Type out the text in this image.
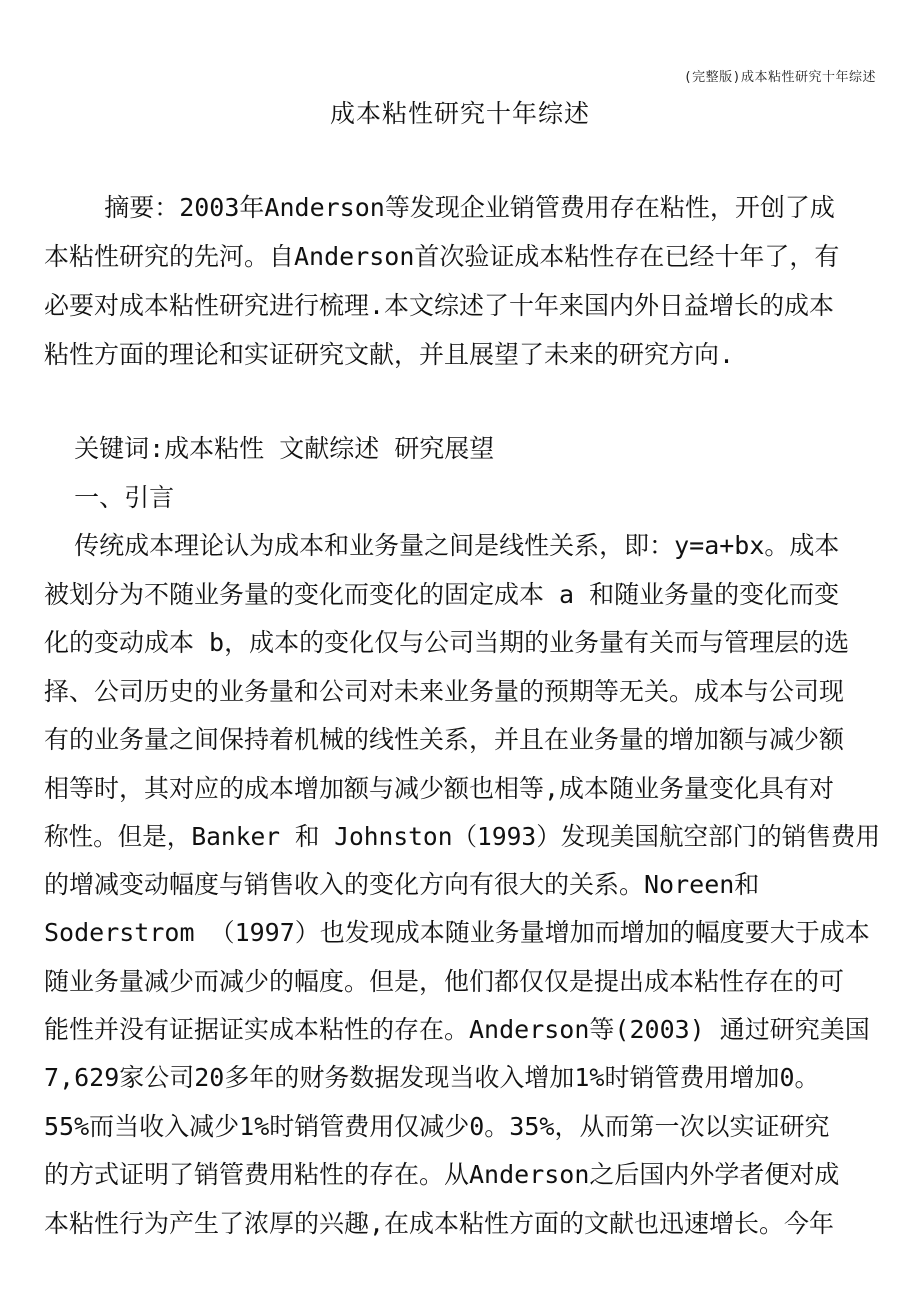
(完整版)成本粘性研究十年综述
成本粘性研究十年综述
摘要：2003年Anderson等发现企业销管费用存在粘性，开创了成
本粘性研究的先河。自Anderson首次验证成本粘性存在已经十年了，有
必要对成本粘性研究进行梳理.本文综述了十年来国内外日益增长的成本
粘性方面的理论和实证研究文献，并且展望了未来的研究方向.
关键词:成本粘性 文献综述 研究展望
一、引言
传统成本理论认为成本和业务量之间是线性关系，即：y=a+bx。成本
被划分为不随业务量的变化而变化的固定成本 a 和随业务量的变化而变
化的变动成本 b，成本的变化仅与公司当期的业务量有关而与管理层的选
择、公司历史的业务量和公司对未来业务量的预期等无关。成本与公司现
有的业务量之间保持着机械的线性关系，并且在业务量的增加额与减少额
相等时，其对应的成本增加额与减少额也相等,成本随业务量变化具有对
称性。但是，Banker 和 Johnston（1993）发现美国航空部门的销售费用
的增减变动幅度与销售收入的变化方向有很大的关系。Noreen和
Soderstrom （1997）也发现成本随业务量增加而增加的幅度要大于成本
随业务量减少而减少的幅度。但是，他们都仅仅是提出成本粘性存在的可
能性并没有证据证实成本粘性的存在。Anderson等(2003) 通过研究美国
7,629家公司20多年的财务数据发现当收入增加1%时销管费用增加0。
55%而当收入减少1%时销管费用仅减少0。35%，从而第一次以实证研究
的方式证明了销管费用粘性的存在。从Anderson之后国内外学者便对成
本粘性行为产生了浓厚的兴趣,在成本粘性方面的文献也迅速增长。今年
